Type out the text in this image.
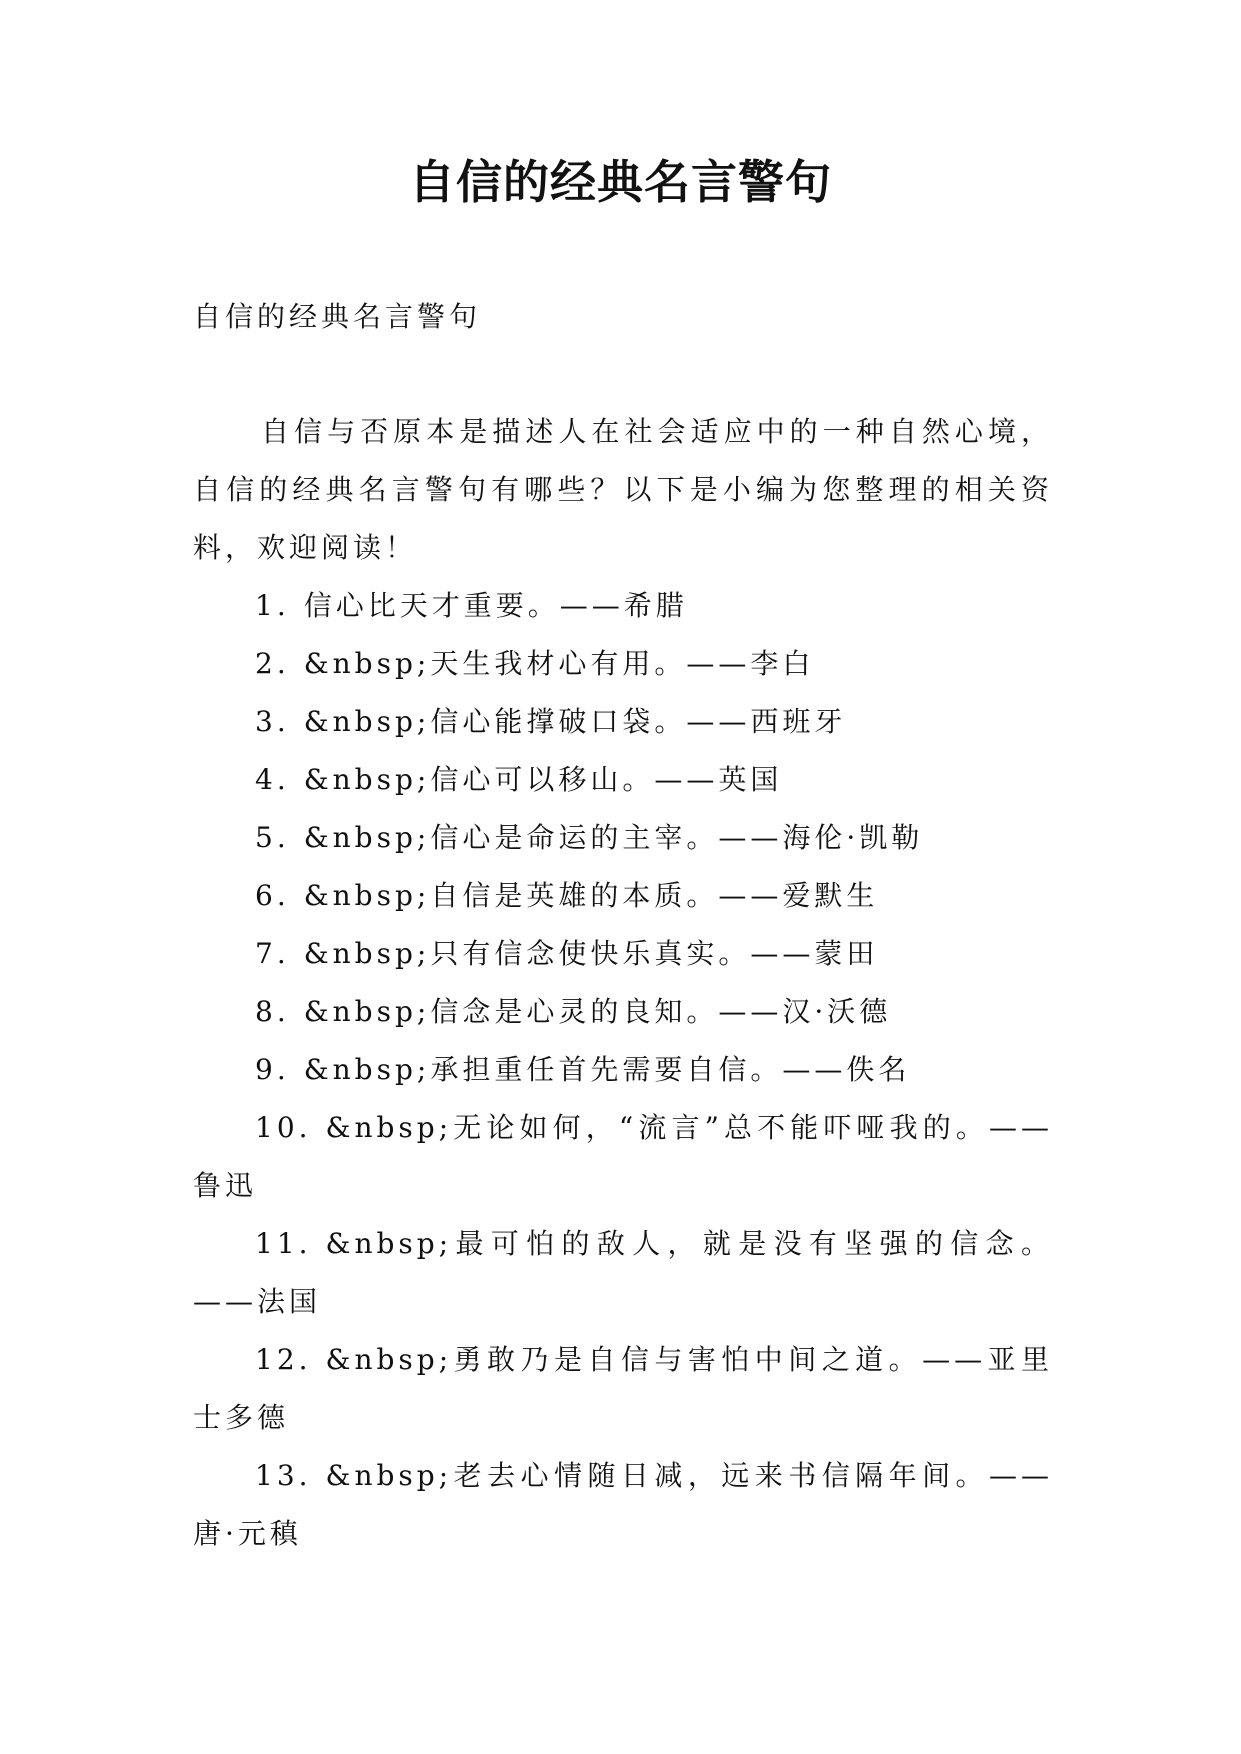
自信的经典名言警句
自信的经典名言警句
自信与否原本是描述人在社会适应中的一种自然心境，自信的经典名言警句有哪些？以下是小编为您整理的相关资料，欢迎阅读！
1. 信心比天才重要。——希腊
2. &nbsp;天生我材心有用。——李白
3. &nbsp;信心能撑破口袋。——西班牙
4. &nbsp;信心可以移山。——英国
5. &nbsp;信心是命运的主宰。——海伦·凯勒
6. &nbsp;自信是英雄的本质。——爱默生
7. &nbsp;只有信念使快乐真实。——蒙田
8. &nbsp;信念是心灵的良知。——汉·沃德
9. &nbsp;承担重任首先需要自信。——佚名
10. &nbsp;无论如何，“流言”总不能吓哑我的。——鲁迅
11. &nbsp;最可怕的敌人，就是没有坚强的信念。——法国
12. &nbsp;勇敢乃是自信与害怕中间之道。——亚里士多德
13. &nbsp;老去心情随日减，远来书信隔年间。——唐·元稹
